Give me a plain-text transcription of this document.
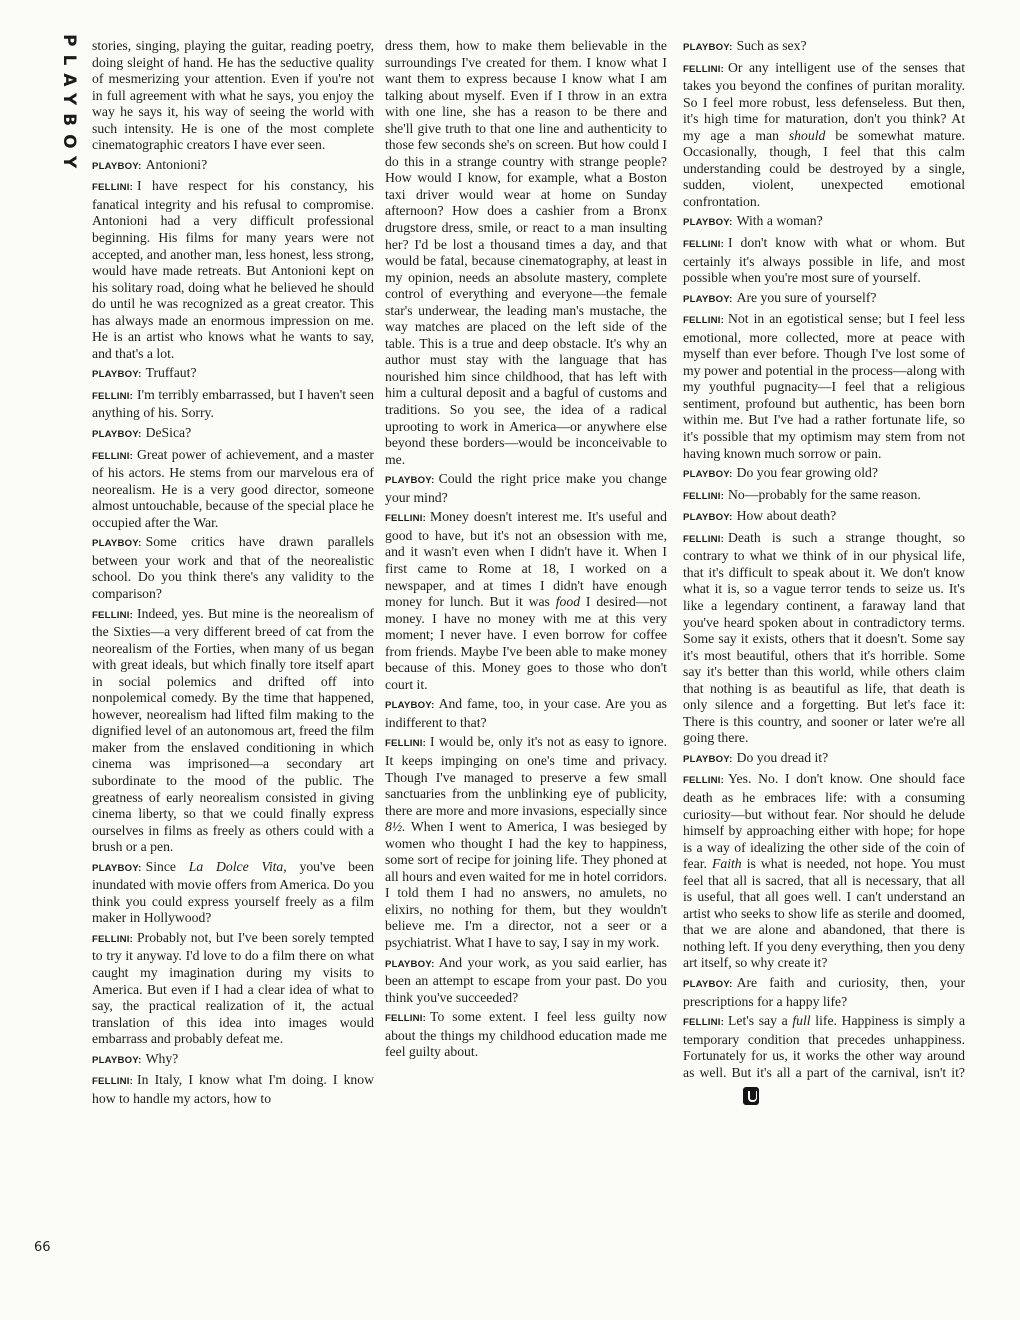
PLAYBOY stories, singing, playing the guitar, reading poetry, doing sleight of hand. He has the seductive quality of mesmerizing your attention. Even if you're not in full agreement with what he says, you enjoy the way he says it, his way of seeing the world with such intensity. He is one of the most complete cinematographic creators I have ever seen.

PLAYBOY: Antonioni?

FELLINI: I have respect for his constancy, his fanatical integrity and his refusal to compromise. Antonioni had a very difficult professional beginning. His films for many years were not accepted, and another man, less honest, less strong, would have made retreats. But Antonioni kept on his solitary road, doing what he believed he should do until he was recognized as a great creator. This has always made an enormous impression on me. He is an artist who knows what he wants to say, and that's a lot.

PLAYBOY: Truffaut?

FELLINI: I'm terribly embarrassed, but I haven't seen anything of his. Sorry.

PLAYBOY: DeSica?

FELLINI: Great power of achievement, and a master of his actors. He stems from our marvelous era of neorealism. He is a very good director, someone almost untouchable, because of the special place he occupied after the War.

PLAYBOY: Some critics have drawn parallels between your work and that of the neorealistic school. Do you think there's any validity to the comparison?

FELLINI: Indeed, yes. But mine is the neorealism of the Sixties—a very different breed of cat from the neorealism of the Forties, when many of us began with great ideals, but which finally tore itself apart in social polemics and drifted off into nonpolemical comedy. By the time that happened, however, neorealism had lifted film making to the dignified level of an autonomous art, freed the film maker from the enslaved conditioning in which cinema was imprisoned—a secondary art subordinate to the mood of the public. The greatness of early neorealism consisted in giving cinema liberty, so that we could finally express ourselves in films as freely as others could with a brush or a pen.

PLAYBOY: Since La Dolce Vita, you've been inundated with movie offers from America. Do you think you could express yourself freely as a film maker in Hollywood?

FELLINI: Probably not, but I've been sorely tempted to try it anyway. I'd love to do a film there on what caught my imagination during my visits to America. But even if I had a clear idea of what to say, the practical realization of it, the actual translation of this idea into images would embarrass and probably defeat me.

PLAYBOY: Why?

FELLINI: In Italy, I know what I'm doing. I know how to handle my actors, how to

dress them, how to make them believable in the surroundings I've created for them. I know what I want them to express because I know what I am talking about myself. Even if I throw in an extra with one line, she has a reason to be there and she'll give truth to that one line and authenticity to those few seconds she's on screen. But how could I do this in a strange country with strange people? How would I know, for example, what a Boston taxi driver would wear at home on Sunday afternoon? How does a cashier from a Bronx drugstore dress, smile, or react to a man insulting her? I'd be lost a thousand times a day, and that would be fatal, because cinematography, at least in my opinion, needs an absolute mastery, complete control of everything and everyone—the female star's underwear, the leading man's mustache, the way matches are placed on the left side of the table. This is a true and deep obstacle. It's why an author must stay with the language that has nourished him since childhood, that has left with him a cultural deposit and a bagful of customs and traditions. So you see, the idea of a radical uprooting to work in America—or anywhere else beyond these borders—would be inconceivable to me.

PLAYBOY: Could the right price make you change your mind?

FELLINI: Money doesn't interest me. It's useful and good to have, but it's not an obsession with me, and it wasn't even when I didn't have it. When I first came to Rome at 18, I worked on a newspaper, and at times I didn't have enough money for lunch. But it was food I desired—not money. I have no money with me at this very moment; I never have. I even borrow for coffee from friends. Maybe I've been able to make money because of this. Money goes to those who don't court it.

PLAYBOY: And fame, too, in your case. Are you as indifferent to that?

FELLINI: I would be, only it's not as easy to ignore. It keeps impinging on one's time and privacy. Though I've managed to preserve a few small sanctuaries from the unblinking eye of publicity, there are more and more invasions, especially since 8½. When I went to America, I was besieged by women who thought I had the key to happiness, some sort of recipe for joining life. They phoned at all hours and even waited for me in hotel corridors. I told them I had no answers, no amulets, no elixirs, no nothing for them, but they wouldn't believe me. I'm a director, not a seer or a psychiatrist. What I have to say, I say in my work.

PLAYBOY: And your work, as you said earlier, has been an attempt to escape from your past. Do you think you've succeeded?

FELLINI: To some extent. I feel less guilty now about the things my childhood education made me feel guilty about.

PLAYBOY: Such as sex?

FELLINI: Or any intelligent use of the senses that takes you beyond the confines of puritan morality. So I feel more robust, less defenseless. But then, it's high time for maturation, don't you think? At my age a man should be somewhat mature. Occasionally, though, I feel that this calm understanding could be destroyed by a single, sudden, violent, unexpected emotional confrontation.

PLAYBOY: With a woman?

FELLINI: I don't know with what or whom. But certainly it's always possible in life, and most possible when you're most sure of yourself.

PLAYBOY: Are you sure of yourself?

FELLINI: Not in an egotistical sense; but I feel less emotional, more collected, more at peace with myself than ever before. Though I've lost some of my power and potential in the process—along with my youthful pugnacity—I feel that a religious sentiment, profound but authentic, has been born within me. But I've had a rather fortunate life, so it's possible that my optimism may stem from not having known much sorrow or pain.

PLAYBOY: Do you fear growing old?

FELLINI: No—probably for the same reason.

PLAYBOY: How about death?

FELLINI: Death is such a strange thought, so contrary to what we think of in our physical life, that it's difficult to speak about it. We don't know what it is, so a vague terror tends to seize us. It's like a legendary continent, a faraway land that you've heard spoken about in contradictory terms. Some say it exists, others that it doesn't. Some say it's most beautiful, others that it's horrible. Some say it's better than this world, while others claim that nothing is as beautiful as life, that death is only silence and a forgetting. But let's face it: There is this country, and sooner or later we're all going there.

PLAYBOY: Do you dread it?

FELLINI: Yes. No. I don't know. One should face death as he embraces life: with a consuming curiosity—but without fear. Nor should he delude himself by approaching either with hope; for hope is a way of idealizing the other side of the coin of fear. Faith is what is needed, not hope. You must feel that all is sacred, that all is necessary, that all is useful, that all goes well. I can't understand an artist who seeks to show life as sterile and doomed, that we are alone and abandoned, that there is nothing left. If you deny everything, then you deny art itself, so why create it?

PLAYBOY: Are faith and curiosity, then, your prescriptions for a happy life?

FELLINI: Let's say a full life. Happiness is simply a temporary condition that precedes unhappiness. Fortunately for us, it works the other way around as well. But it's all a part of the carnival, isn't it?

66
